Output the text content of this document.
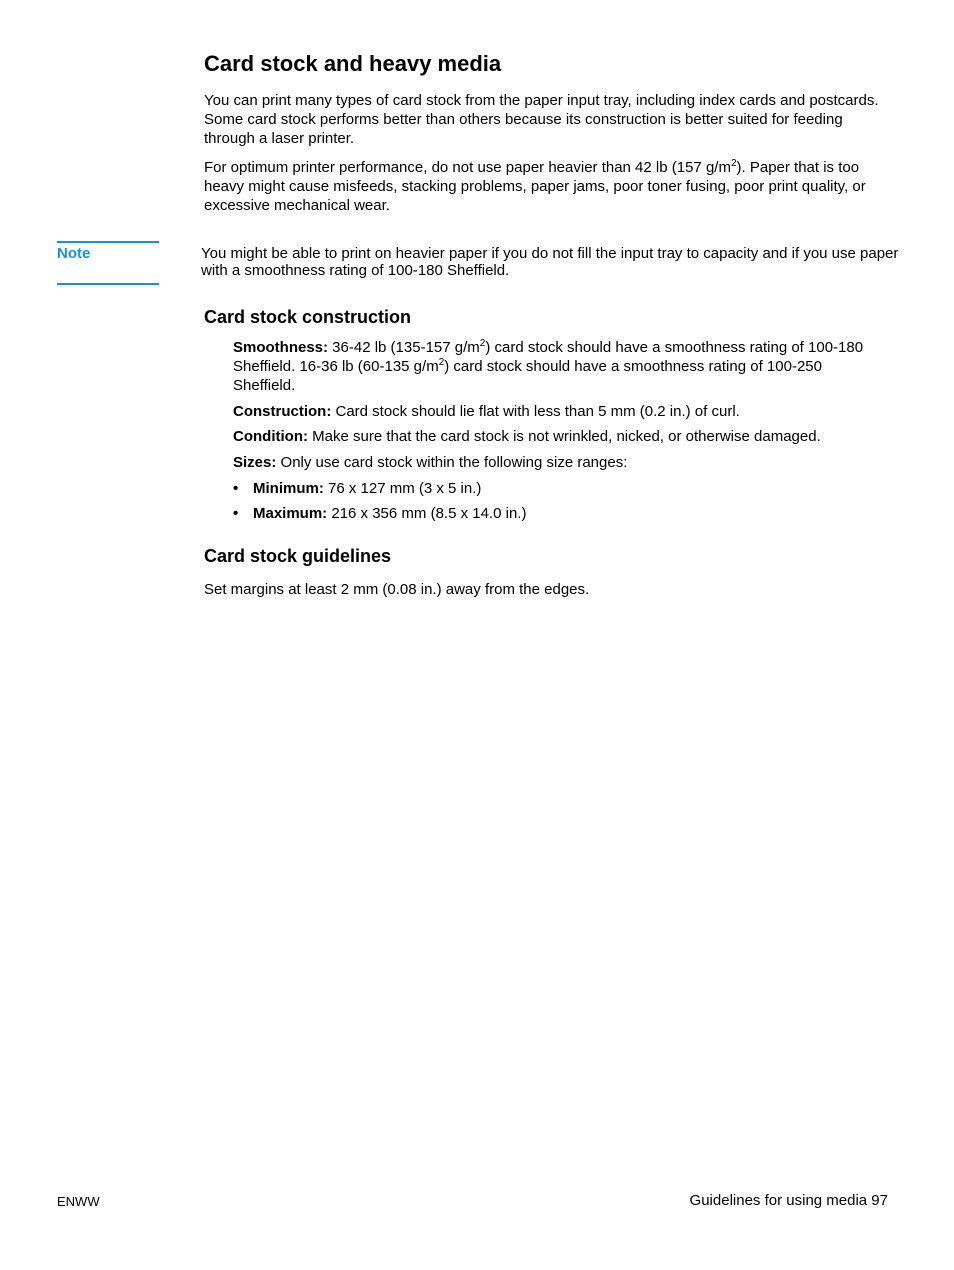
Card stock and heavy media

You can print many types of card stock from the paper input tray, including index cards and postcards. Some card stock performs better than others because its construction is better suited for feeding through a laser printer.

For optimum printer performance, do not use paper heavier than 42 lb (157 $g/m^2$). Paper that is too heavy might cause misfeeds, stacking problems, paper jams, poor toner fusing, poor print quality, or excessive mechanical wear.

Note	You might be able to print on heavier paper if you do not fill the input tray to capacity and if you use paper with a smoothness rating of 100-180 Sheffield.

Card stock construction

Smoothness: 36-42 lb (135-157 $g/m^2$) card stock should have a smoothness rating of 100-180 Sheffield. 16-36 lb (60-135 $g/m^2$) card stock should have a smoothness rating of 100-250 Sheffield.

Construction: Card stock should lie flat with less than 5 mm (0.2 in.) of curl.

Condition: Make sure that the card stock is not wrinkled, nicked, or otherwise damaged.

Sizes: Only use card stock within the following size ranges:

• Minimum: 76 x 127 mm (3 x 5 in.)
• Maximum: 216 x 356 mm (8.5 x 14.0 in.)
Card stock guidelines

Set margins at least 2 mm (0.08 in.) away from the edges.

ENWW	Guidelines for using media 97
